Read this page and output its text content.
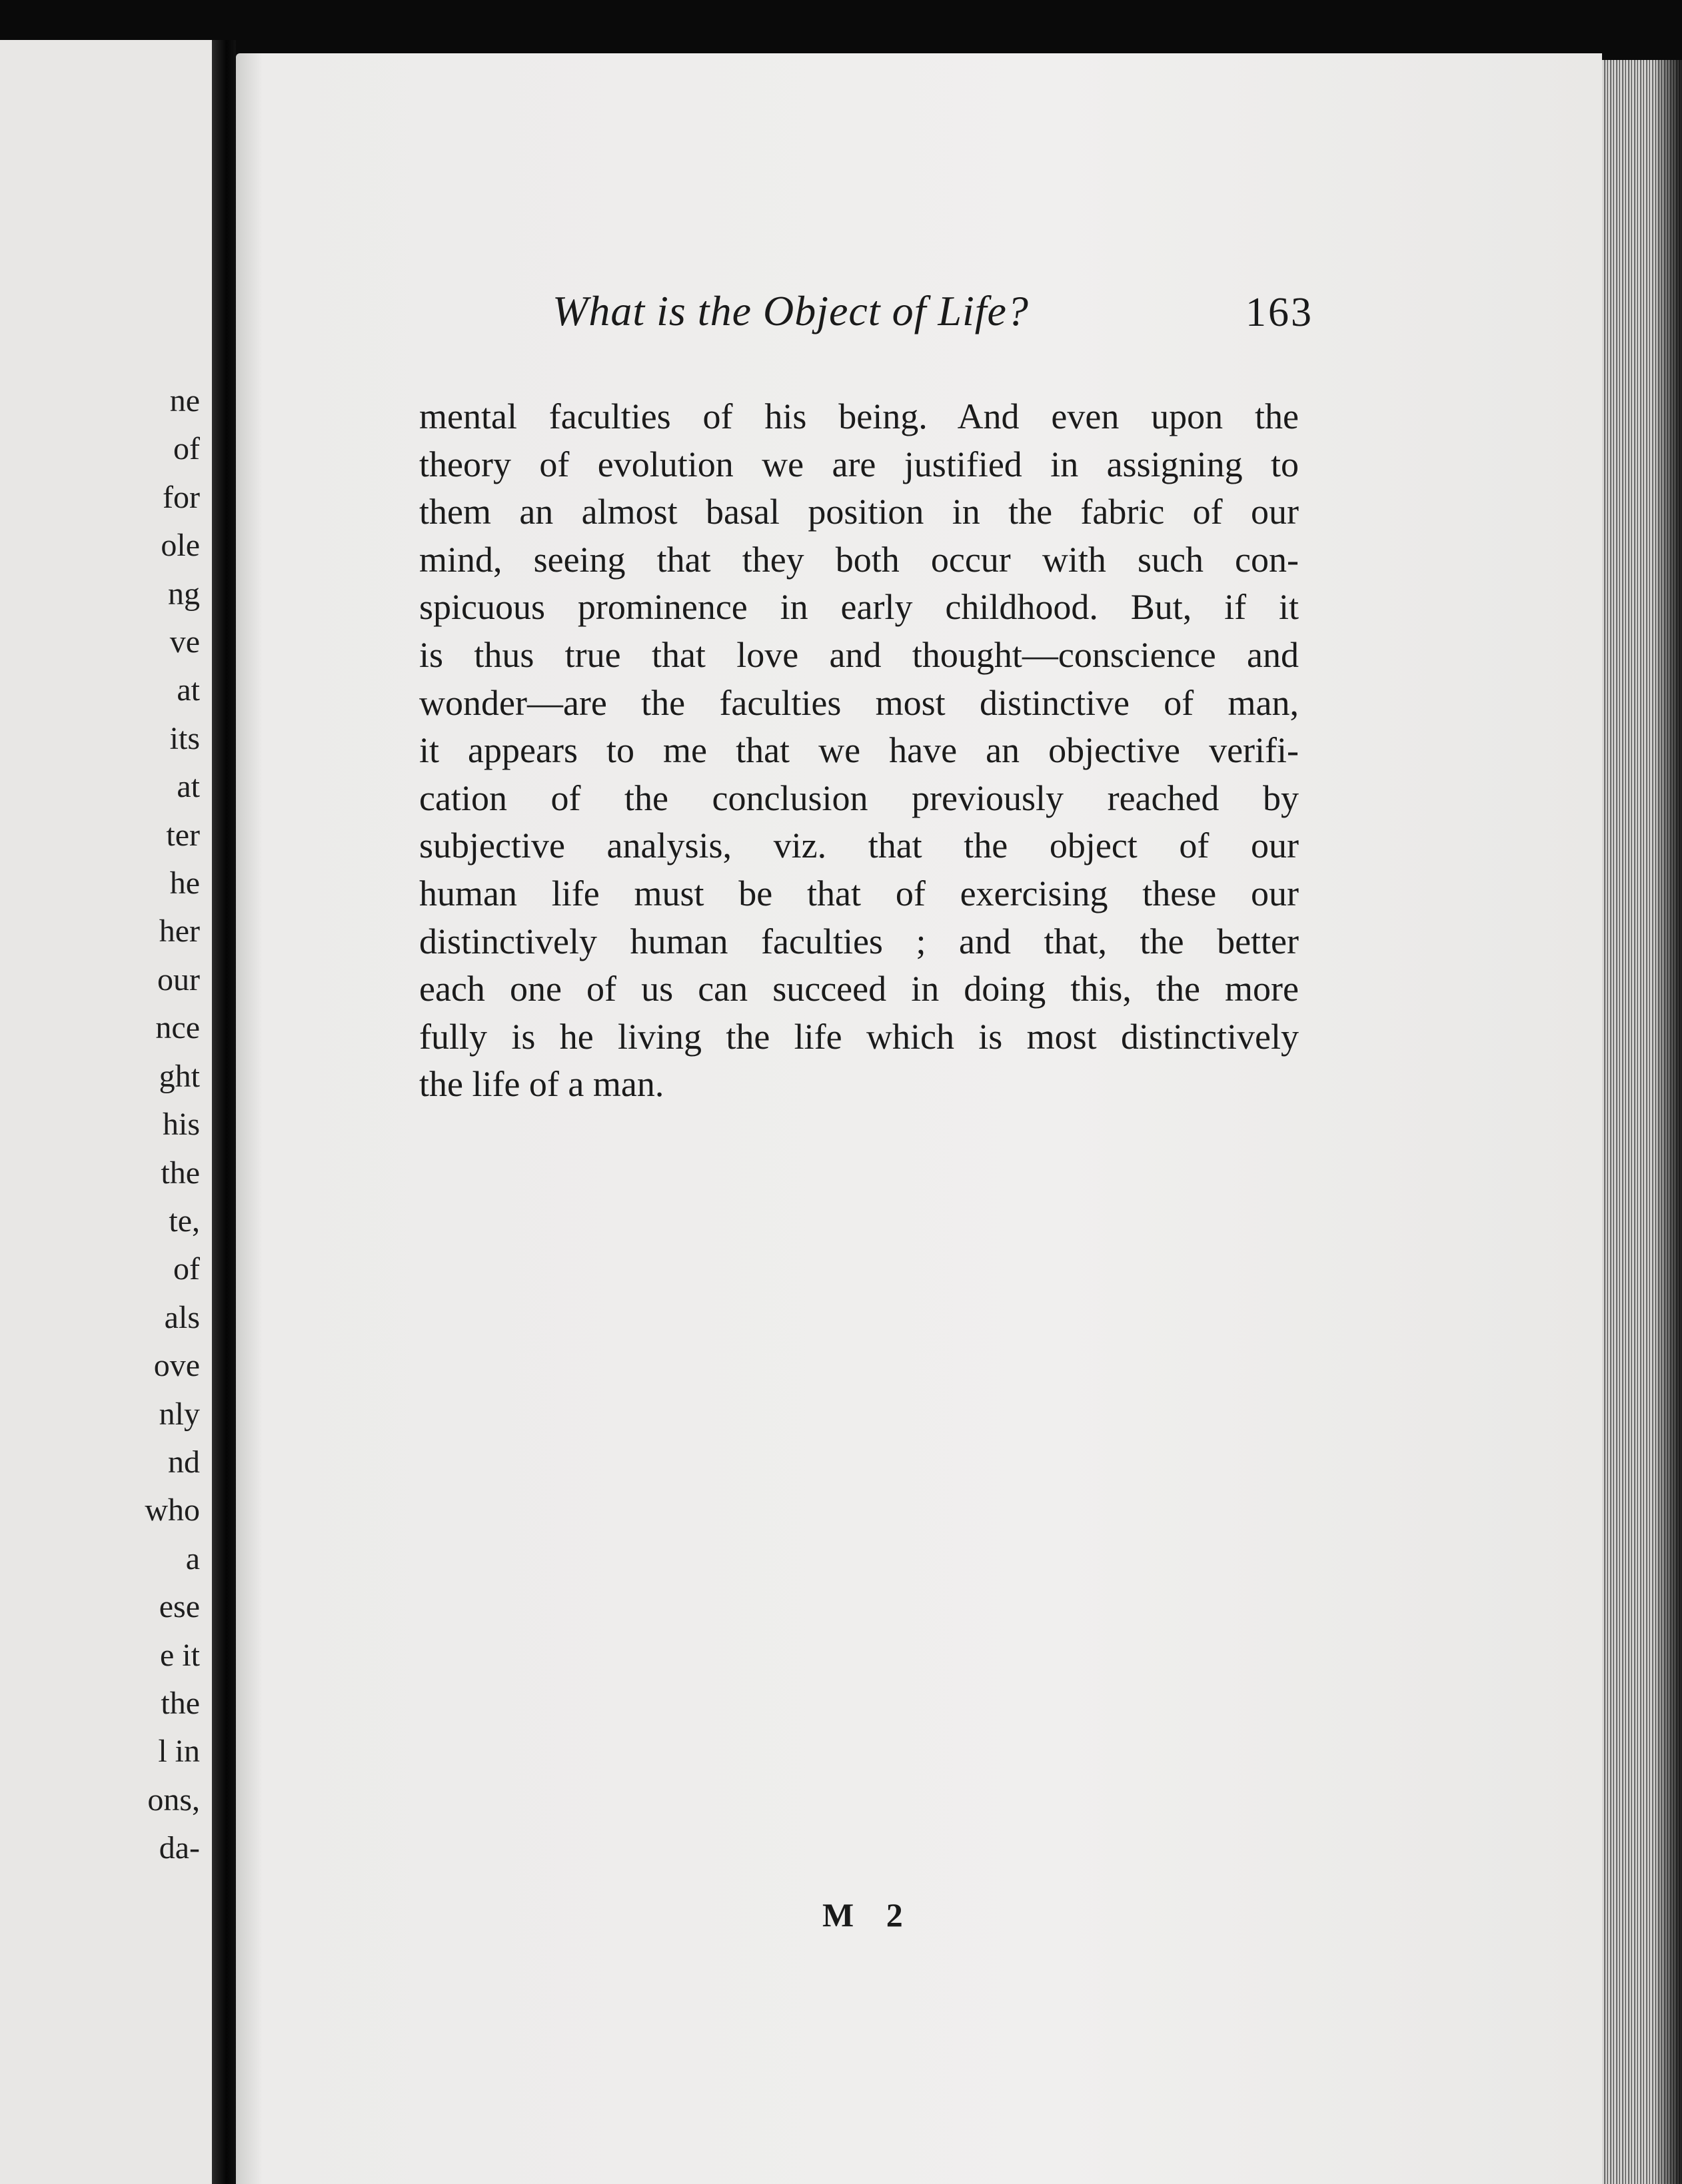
ne
of
for
ole
ng
ve
at
its
at
ter
he
her
our
nce
ght
his
the
te,
of
als
ove
nly
nd
who
a
ese
e it
the
l in
ons,
da-
What is the Object of Life?	163
mental faculties of his being. And even upon the
theory of evolution we are justified in assigning to
them an almost basal position in the fabric of our
mind, seeing that they both occur with such con-
spicuous prominence in early childhood. But, if it
is thus true that love and thought—conscience and
wonder—are the faculties most distinctive of man,
it appears to me that we have an objective verifi-
cation of the conclusion previously reached by
subjective analysis, viz. that the object of our
human life must be that of exercising these our
distinctively human faculties ; and that, the better
each one of us can succeed in doing this, the more
fully is he living the life which is most distinctively
the life of a man.
M 2
